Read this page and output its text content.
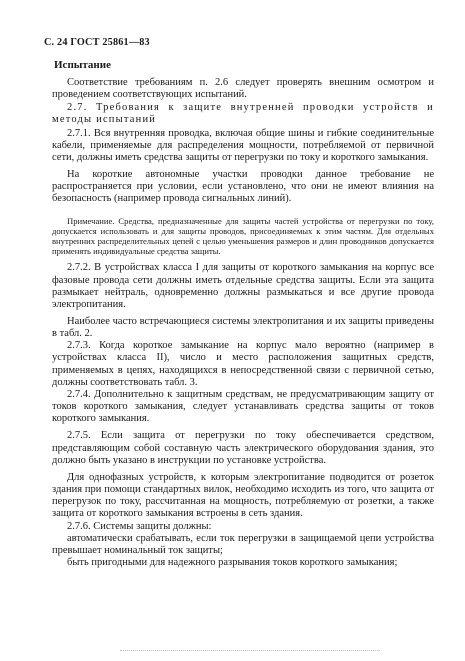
С. 24 ГОСТ 25861—83
Испытание

Соответствие требованиям п. 2.6 следует проверять внешним осмотром и проведением соответствующих испытаний.

2.7. Требования к защите внутренней проводки устройств и методы испытаний

2.7.1. Вся внутренняя проводка, включая общие шины и гибкие соединительные кабели, применяемые для распределения мощности, потребляемой от первичной сети, должны иметь средства защиты от перегрузки по току и короткого замыкания.

На короткие автономные участки проводки данное требование не распространяется при условии, если установлено, что они не имеют влияния на безопасность (например провода сигнальных линий).

Примечание. Средства, предназначенные для защиты частей устройства от перегрузки по току, допускается использовать и для защиты проводов, присоединяемых к этим частям. Для отдельных внутренних распределительных цепей с целью уменьшения размеров и длин проводников допускается применять индивидуальные средства защиты.

2.7.2. В устройствах класса I для защиты от короткого замыкания на корпус все фазовые провода сети должны иметь отдельные средства защиты. Если эта защита размыкает нейтраль, одновременно должны размыкаться и все другие провода электропитания.

Наиболее часто встречающиеся системы электропитания и их защиты приведены в табл. 2.

2.7.3. Когда короткое замыкание на корпус мало вероятно (например в устройствах класса II), число и место расположения защитных средств, применяемых в цепях, находящихся в непосредственной связи с первичной сетью, должны соответствовать табл. 3.

2.7.4. Дополнительно к защитным средствам, не предусматривающим защиту от токов короткого замыкания, следует устанавливать средства защиты от токов короткого замыкания.

2.7.5. Если защита от перегрузки по току обеспечивается средством, представляющим собой составную часть электрического оборудования здания, это должно быть указано в инструкции по установке устройства.

Для однофазных устройств, к которым электропитание подводится от розеток здания при помощи стандартных вилок, необходимо исходить из того, что защита от перегрузок по току, рассчитанная на мощность, потребляемую от розетки, а также защита от короткого замыкания встроены в сеть здания.

2.7.6. Системы защиты должны:

автоматически срабатывать, если ток перегрузки в защищаемой цепи устройства превышает номинальный ток защиты;

быть пригодными для надежного разрывания токов короткого замыкания;
